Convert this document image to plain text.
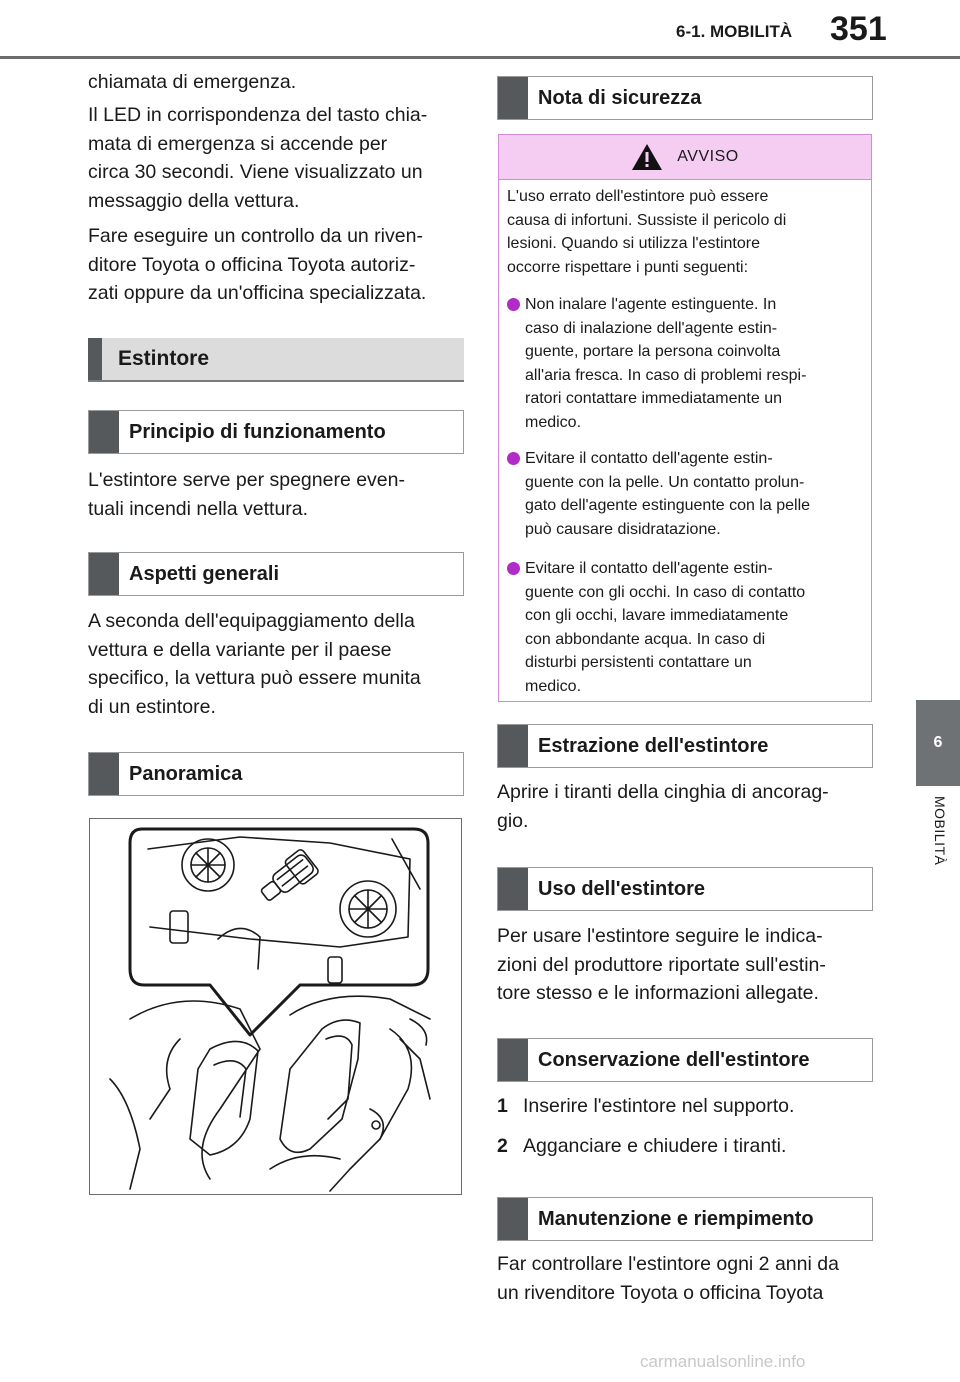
6-1. MOBILITÀ 351
6
MOBILITÀ

chiamata di emergenza.

Il LED in corrispondenza del tasto chia-
mata di emergenza si accende per
circa 30 secondi. Viene visualizzato un
messaggio della vettura.

Fare eseguire un controllo da un riven-
ditore Toyota o officina Toyota autoriz-
zati oppure da un'officina specializzata.

Estintore
Principio di funzionamento

L'estintore serve per spegnere even-
tuali incendi nella vettura.

Aspetti generali

A seconda dell'equipaggiamento della
vettura e della variante per il paese
specifico, la vettura può essere munita
di un estintore.

Panoramica
Nota di sicurezza
AVVISO

L'uso errato dell'estintore può essere
causa di infortuni. Sussiste il pericolo di
lesioni. Quando si utilizza l'estintore
occorre rispettare i punti seguenti:

Non inalare l'agente estinguente. In
caso di inalazione dell'agente estin-
guente, portare la persona coinvolta
all'aria fresca. In caso di problemi respi-
ratori contattare immediatamente un
medico.
Evitare il contatto dell'agente estin-
guente con la pelle. Un contatto prolun-
gato dell'agente estinguente con la pelle
può causare disidratazione.
Evitare il contatto dell'agente estin-
guente con gli occhi. In caso di contatto
con gli occhi, lavare immediatamente
con abbondante acqua. In caso di
disturbi persistenti contattare un
medico.
Estrazione dell'estintore

Aprire i tiranti della cinghia di ancorag-
gio.

Uso dell'estintore

Per usare l'estintore seguire le indica-
zioni del produttore riportate sull'estin-
tore stesso e le informazioni allegate.

Conservazione dell'estintore
1 Inserire l'estintore nel supporto.
2 Agganciare e chiudere i tiranti.
Manutenzione e riempimento

Far controllare l'estintore ogni 2 anni da
un rivenditore Toyota o officina Toyota

carmanualsonline.info
